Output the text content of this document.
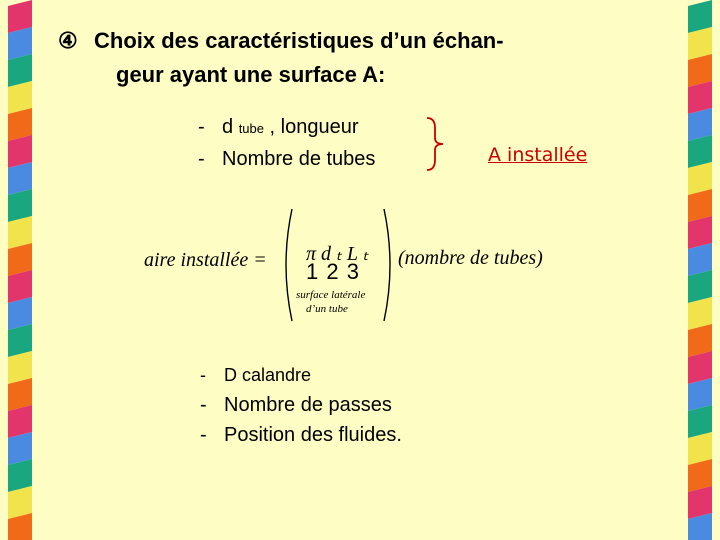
④ Choix des caractéristiques d’un échan-
geur ayant une surface A:
- d tube , longueur
- Nombre de tubes	A installée
aire installée = π d ₜ L ₜ
1 2 3
surface latérale
d’un tube
(nombre de tubes)
- D calandre
- Nombre de passes
- Position des fluides.
